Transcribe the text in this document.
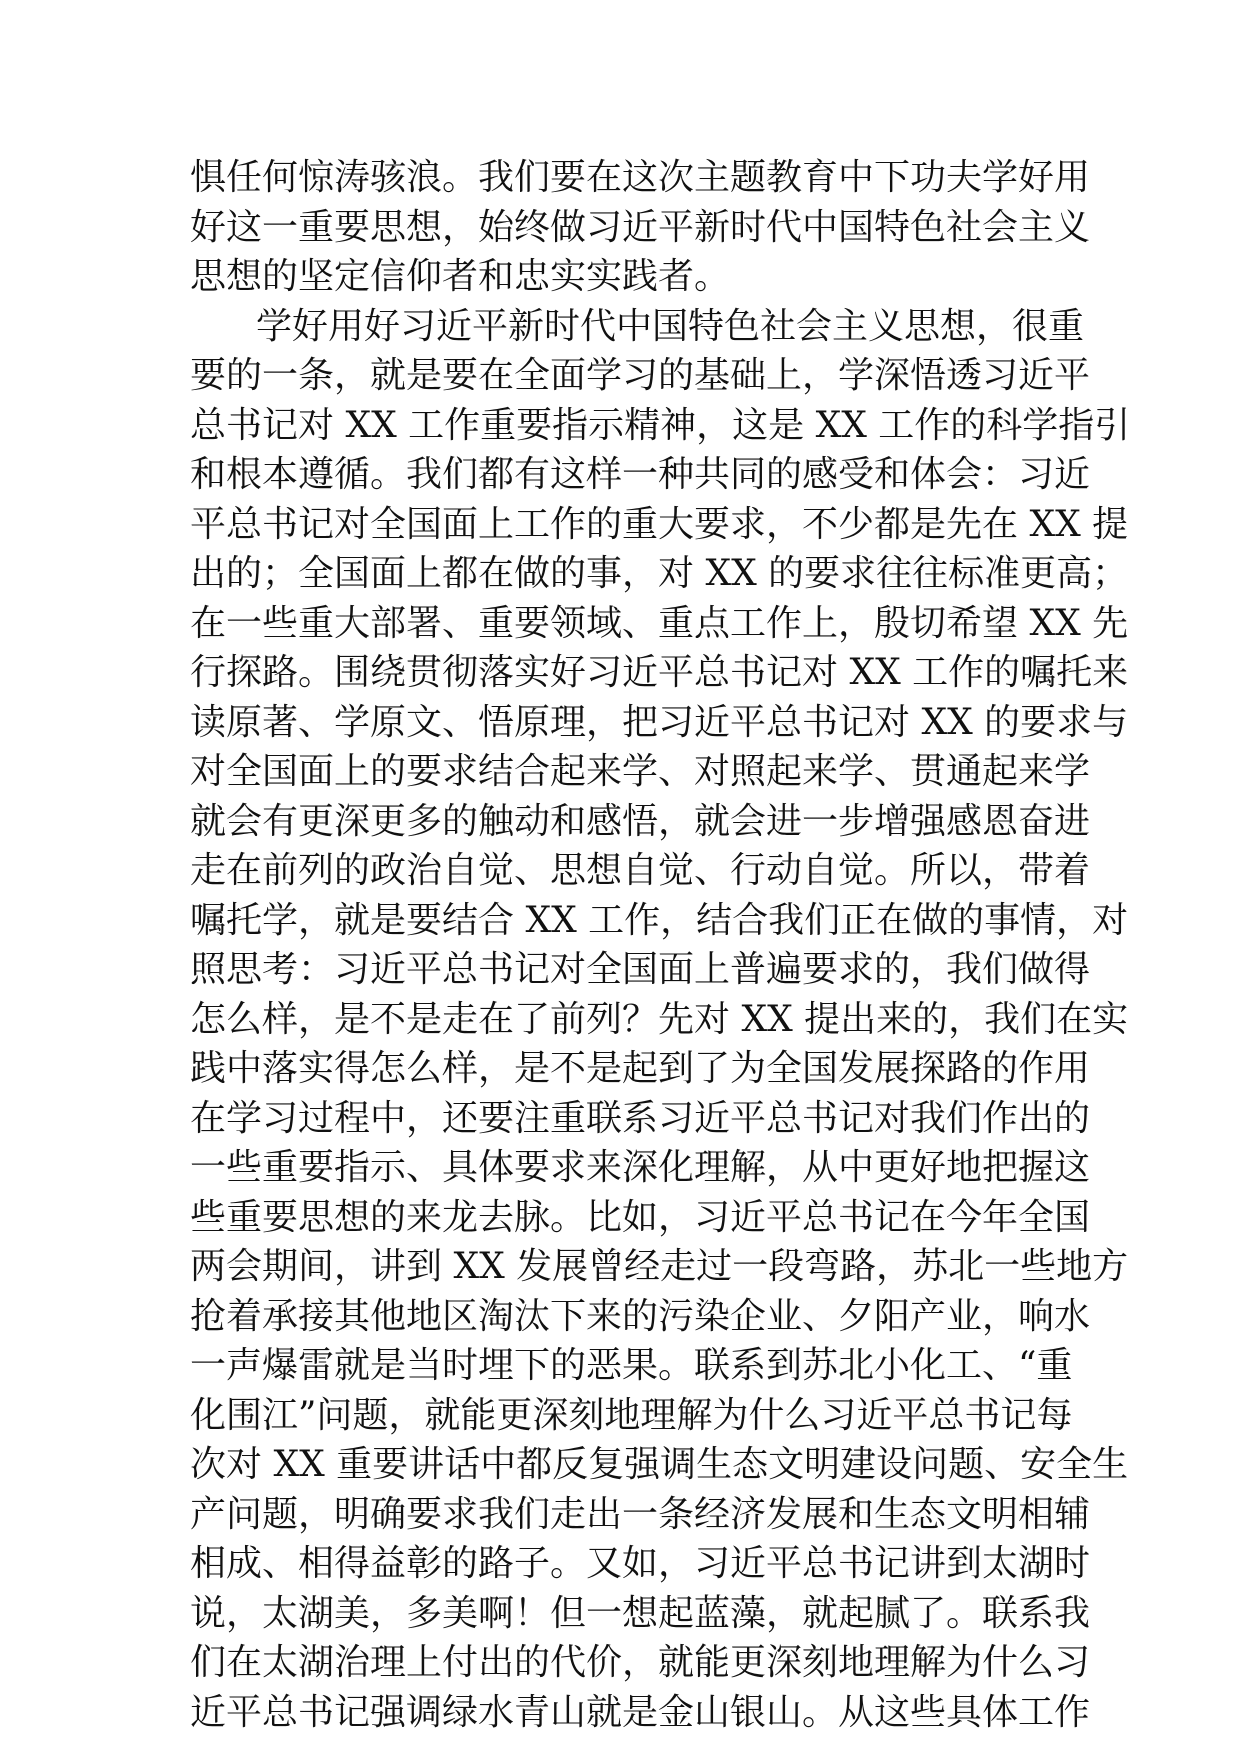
惧任何惊涛骇浪。我们要在这次主题教育中下功夫学好用
好这一重要思想，始终做习近平新时代中国特色社会主义
思想的坚定信仰者和忠实实践者。
学好用好习近平新时代中国特色社会主义思想，很重
要的一条，就是要在全面学习的基础上，学深悟透习近平
总书记对 XX 工作重要指示精神，这是 XX 工作的科学指引
和根本遵循。我们都有这样一种共同的感受和体会：习近
平总书记对全国面上工作的重大要求，不少都是先在 XX 提
出的；全国面上都在做的事，对 XX 的要求往往标准更高；
在一些重大部署、重要领域、重点工作上，殷切希望 XX 先
行探路。围绕贯彻落实好习近平总书记对 XX 工作的嘱托来
读原著、学原文、悟原理，把习近平总书记对 XX 的要求与
对全国面上的要求结合起来学、对照起来学、贯通起来学
就会有更深更多的触动和感悟，就会进一步增强感恩奋进
走在前列的政治自觉、思想自觉、行动自觉。所以，带着
嘱托学，就是要结合 XX 工作，结合我们正在做的事情，对
照思考：习近平总书记对全国面上普遍要求的，我们做得
怎么样，是不是走在了前列？先对 XX 提出来的，我们在实
践中落实得怎么样，是不是起到了为全国发展探路的作用
在学习过程中，还要注重联系习近平总书记对我们作出的
一些重要指示、具体要求来深化理解，从中更好地把握这
些重要思想的来龙去脉。比如，习近平总书记在今年全国
两会期间，讲到 XX 发展曾经走过一段弯路，苏北一些地方
抢着承接其他地区淘汰下来的污染企业、夕阳产业，响水
一声爆雷就是当时埋下的恶果。联系到苏北小化工、“重
化围江”问题，就能更深刻地理解为什么习近平总书记每
次对 XX 重要讲话中都反复强调生态文明建设问题、安全生
产问题，明确要求我们走出一条经济发展和生态文明相辅
相成、相得益彰的路子。又如，习近平总书记讲到太湖时
说，太湖美，多美啊！但一想起蓝藻，就起腻了。联系我
们在太湖治理上付出的代价，就能更深刻地理解为什么习
近平总书记强调绿水青山就是金山银山。从这些具体工作
